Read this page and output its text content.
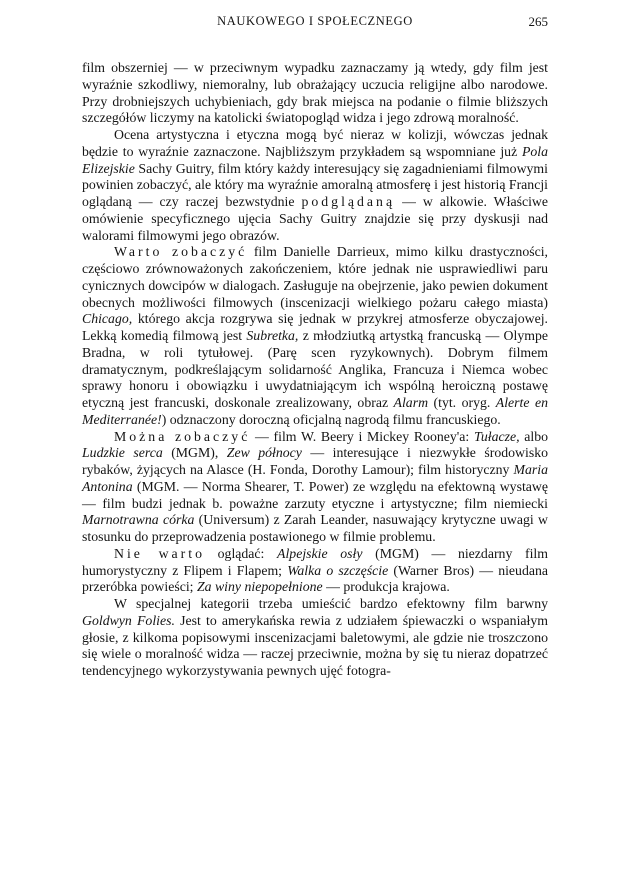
NAUKOWEGO I SPOŁECZNEGO	265

film obszerniej — w przeciwnym wypadku zaznaczamy ją wtedy, gdy film jest wyraźnie szkodliwy, niemoralny, lub obrażający uczucia religijne albo narodowe. Przy drobniejszych uchybieniach, gdy brak miejsca na podanie o filmie bliższych szczegółów liczymy na katolicki światopogląd widza i jego zdrową moralność.

Ocena artystyczna i etyczna mogą być nieraz w kolizji, wówczas jednak będzie to wyraźnie zaznaczone. Najbliższym przykładem są wspomniane już Pola Elizejskie Sachy Guitry, film który każdy interesujący się zagadnieniami filmowymi powinien zobaczyć, ale który ma wyraźnie amoralną atmosferę i jest historią Francji oglądaną — czy raczej bezwstydnie podglądaną — w alkowie. Właściwe omówienie specyficznego ujęcia Sachy Guitry znajdzie się przy dyskusji nad walorami filmowymi jego obrazów.

Warto zobaczyć film Danielle Darrieux, mimo kilku drastyczności, częściowo zrównoważonych zakończeniem, które jednak nie usprawiedliwi paru cynicznych dowcipów w dialogach. Zasługuje na obejrzenie, jako pewien dokument obecnych możliwości filmowych (inscenizacji wielkiego pożaru całego miasta) Chicago, którego akcja rozgrywa się jednak w przykrej atmosferze obyczajowej. Lekką komedią filmową jest Subretka, z młodziutką artystką francuską — Olympe Bradna, w roli tytułowej. (Parę scen ryzykownych). Dobrym filmem dramatycznym, podkreślającym solidarność Anglika, Francuza i Niemca wobec sprawy honoru i obowiązku i uwydatniającym ich wspólną heroiczną postawę etyczną jest francuski, doskonale zrealizowany, obraz Alarm (tyt. oryg. Alerte en Mediterranée!) odznaczony doroczną oficjalną nagrodą filmu francuskiego.

Można zobaczyć — film W. Beery i Mickey Rooney'a: Tułacze, albo Ludzkie serca (MGM), Zew północy — interesujące i niezwykłe środowisko rybaków, żyjących na Alasce (H. Fonda, Dorothy Lamour); film historyczny Maria Antonina (MGM. — Norma Shearer, T. Power) ze względu na efektowną wystawę — film budzi jednak b. poważne zarzuty etyczne i artystyczne; film niemiecki Marnotrawna córka (Universum) z Zarah Leander, nasuwający krytyczne uwagi w stosunku do przeprowadzenia postawionego w filmie problemu.

Nie warto oglądać: Alpejskie osły (MGM) — niezdarny film humorystyczny z Flipem i Flapem; Walka o szczęście (Warner Bros) — nieudana przeróbka powieści; Za winy niepopełnione — produkcja krajowa.

W specjalnej kategorii trzeba umieścić bardzo efektowny film barwny Goldwyn Folies. Jest to amerykańska rewia z udziałem śpiewaczki o wspaniałym głosie, z kilkoma popisowymi inscenizacjami baletowymi, ale gdzie nie troszczono się wiele o moralność widza — raczej przeciwnie, można by się tu nieraz dopatrzeć tendencyjnego wykorzystywania pewnych ujęć fotogra-
